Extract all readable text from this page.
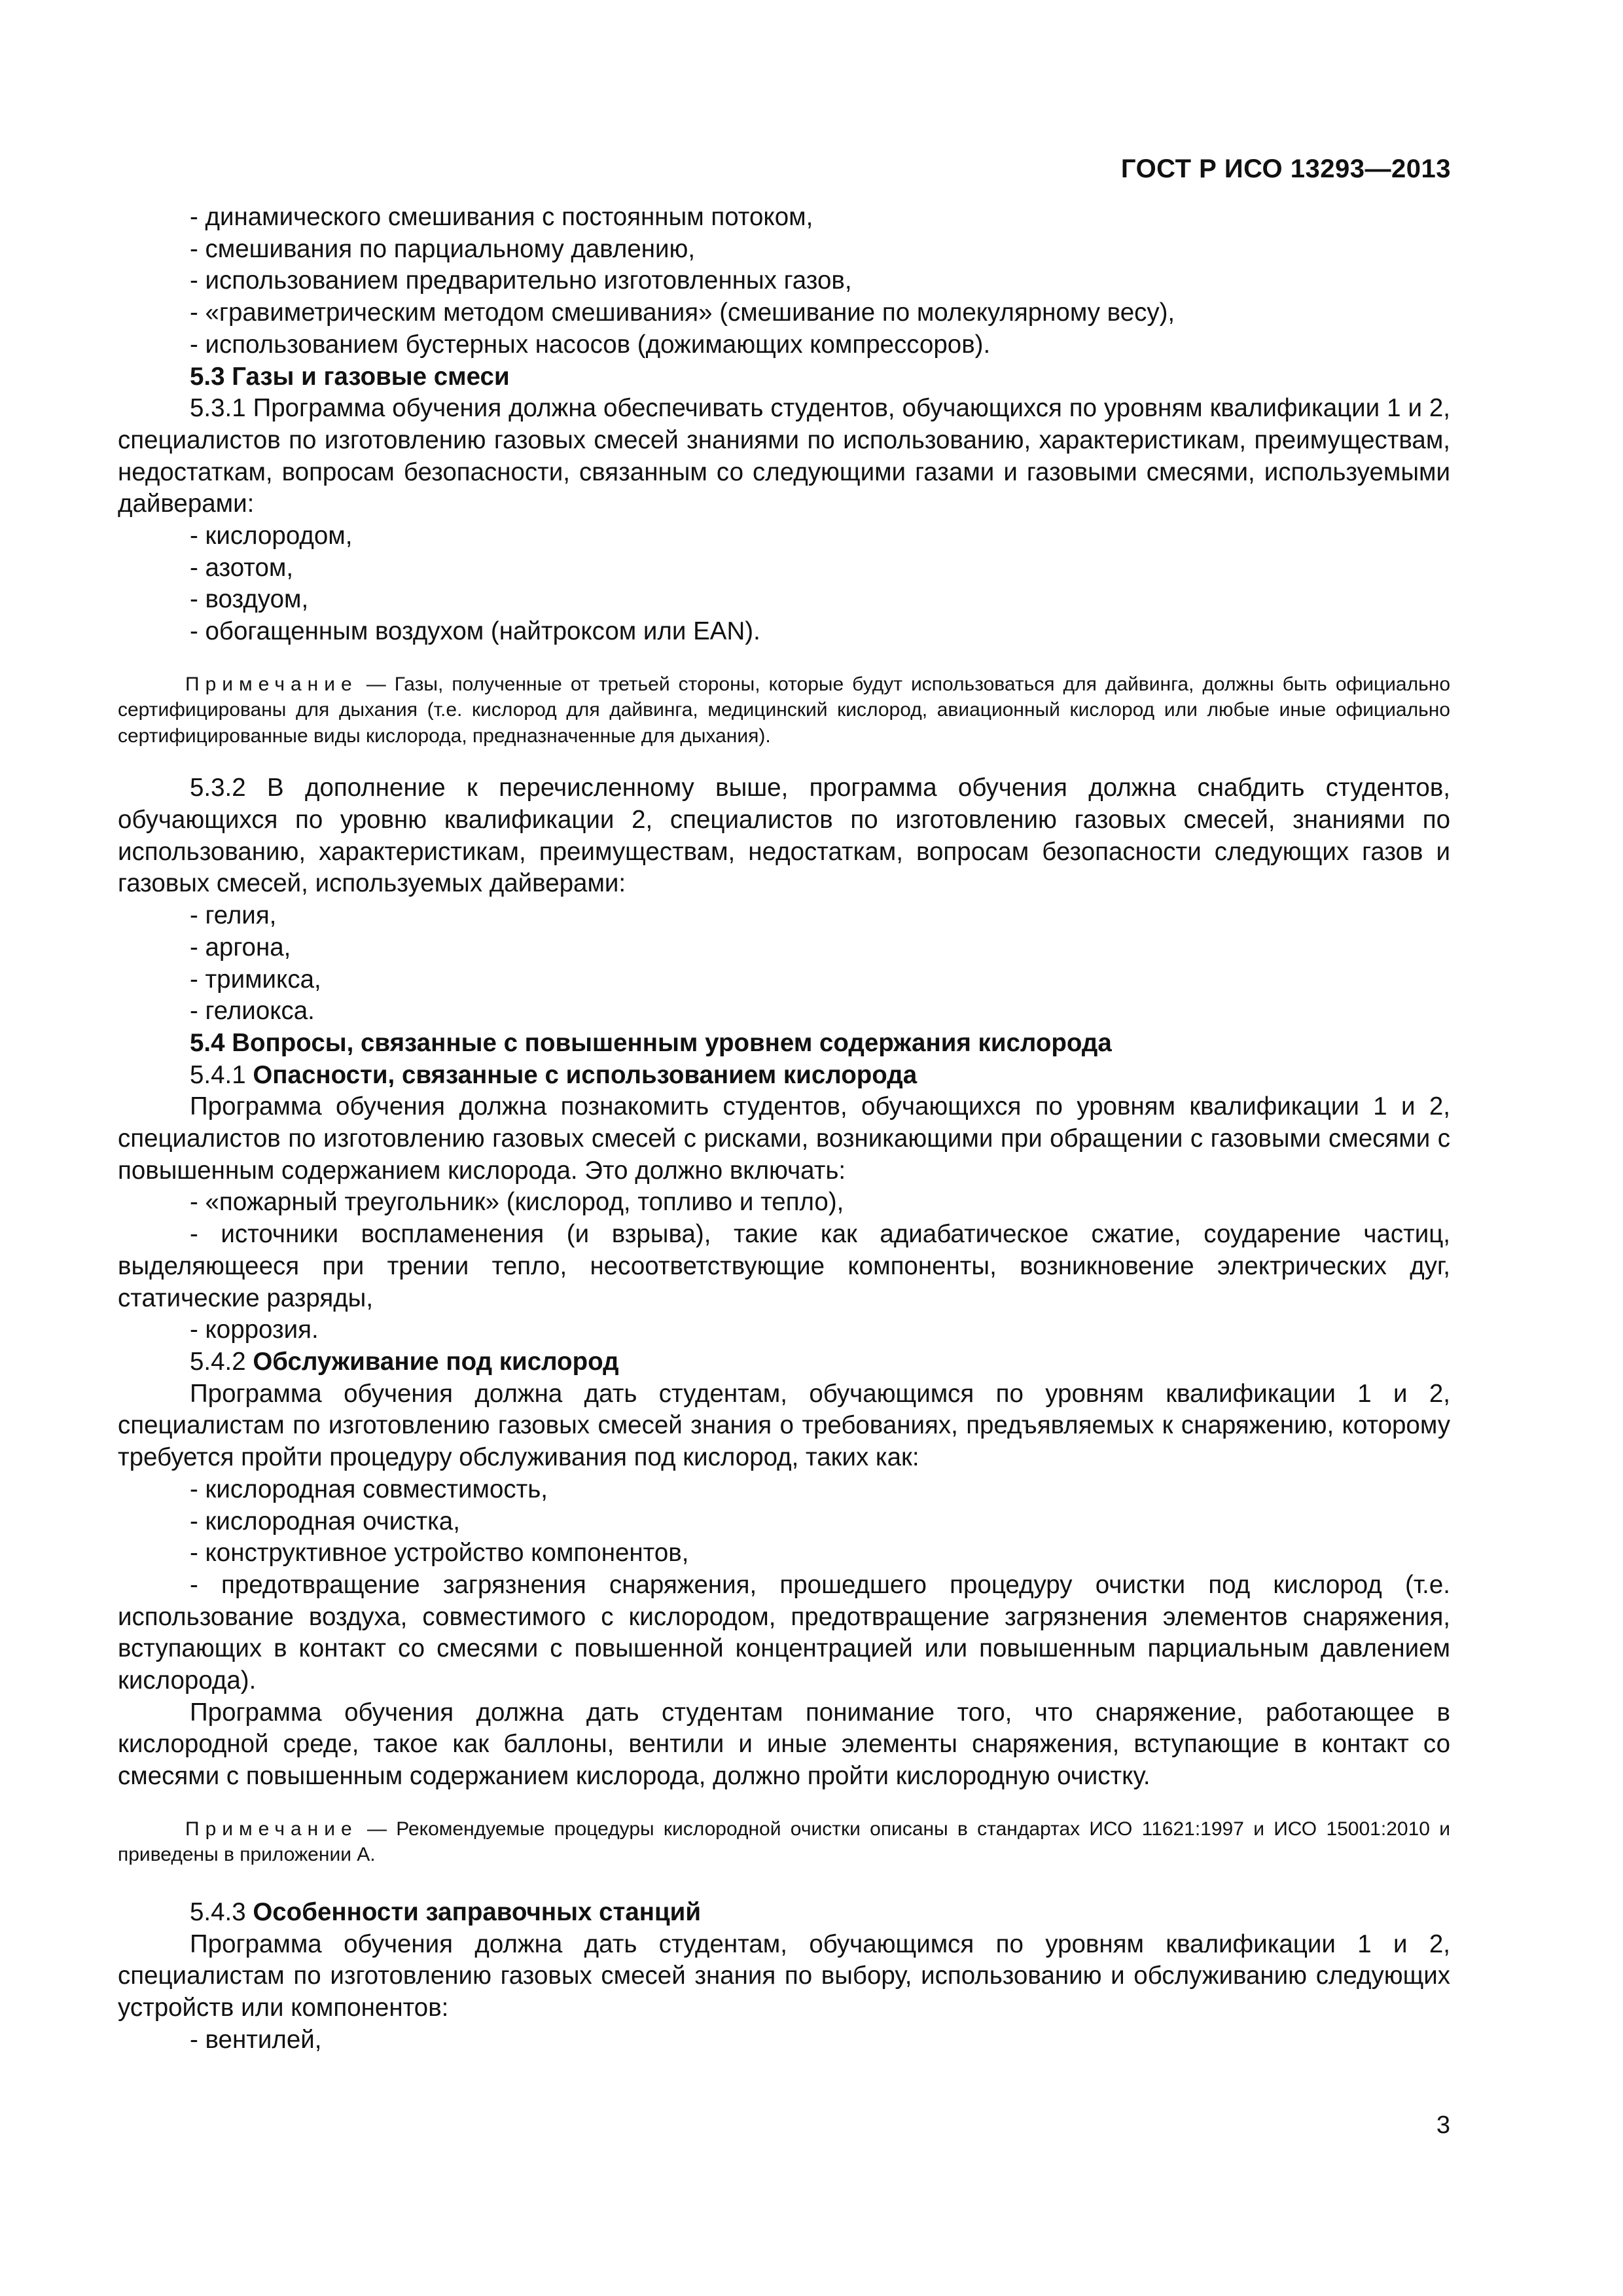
ГОСТ Р ИСО 13293—2013
- динамического смешивания с постоянным потоком,
- смешивания по парциальному давлению,
- использованием предварительно изготовленных газов,
- «гравиметрическим методом смешивания» (смешивание по молекулярному весу),
- использованием бустерных насосов (дожимающих компрессоров).
5.3 Газы и газовые смеси
5.3.1 Программа обучения должна обеспечивать студентов, обучающихся по уровням квалификации 1 и 2, специалистов по изготовлению газовых смесей знаниями по использованию, характеристикам, преимуществам, недостаткам, вопросам безопасности, связанным со следующими газами и газовыми смесями, используемыми дайверами:
- кислородом,
- азотом,
- воздуом,
- обогащенным воздухом (найтроксом или EAN).
Примечание — Газы, полученные от третьей стороны, которые будут использоваться для дайвинга, должны быть официально сертифицированы для дыхания (т.е. кислород для дайвинга, медицинский кислород, авиационный кислород или любые иные официально сертифицированные виды кислорода, предназначенные для дыхания).
5.3.2 В дополнение к перечисленному выше, программа обучения должна снабдить студентов, обучающихся по уровню квалификации 2, специалистов по изготовлению газовых смесей, знаниями по использованию, характеристикам, преимуществам, недостаткам, вопросам безопасности следующих газов и газовых смесей, используемых дайверами:
- гелия,
- аргона,
- тримикса,
- гелиокса.
5.4 Вопросы, связанные с повышенным уровнем содержания кислорода
5.4.1 Опасности, связанные с использованием кислорода
Программа обучения должна познакомить студентов, обучающихся по уровням квалификации 1 и 2, специалистов по изготовлению газовых смесей с рисками, возникающими при обращении с газовыми смесями с повышенным содержанием кислорода. Это должно включать:
- «пожарный треугольник» (кислород, топливо и тепло),
- источники воспламенения (и взрыва), такие как адиабатическое сжатие, соударение частиц, выделяющееся при трении тепло, несоответствующие компоненты, возникновение электрических дуг, статические разряды,
- коррозия.
5.4.2 Обслуживание под кислород
Программа обучения должна дать студентам, обучающимся по уровням квалификации 1 и 2, специалистам по изготовлению газовых смесей знания о требованиях, предъявляемых к снаряжению, которому требуется пройти процедуру обслуживания под кислород, таких как:
- кислородная совместимость,
- кислородная очистка,
- конструктивное устройство компонентов,
- предотвращение загрязнения снаряжения, прошедшего процедуру очистки под кислород (т.е. использование воздуха, совместимого с кислородом, предотвращение загрязнения элементов снаряжения, вступающих в контакт со смесями с повышенной концентрацией или повышенным парциальным давлением кислорода).
Программа обучения должна дать студентам понимание того, что снаряжение, работающее в кислородной среде, такое как баллоны, вентили и иные элементы снаряжения, вступающие в контакт со смесями с повышенным содержанием кислорода, должно пройти кислородную очистку.
Примечание — Рекомендуемые процедуры кислородной очистки описаны в стандартах ИСО 11621:1997 и ИСО 15001:2010 и приведены в приложении А.
5.4.3 Особенности заправочных станций
Программа обучения должна дать студентам, обучающимся по уровням квалификации 1 и 2, специалистам по изготовлению газовых смесей знания по выбору, использованию и обслуживанию следующих устройств или компонентов:
- вентилей,
3
